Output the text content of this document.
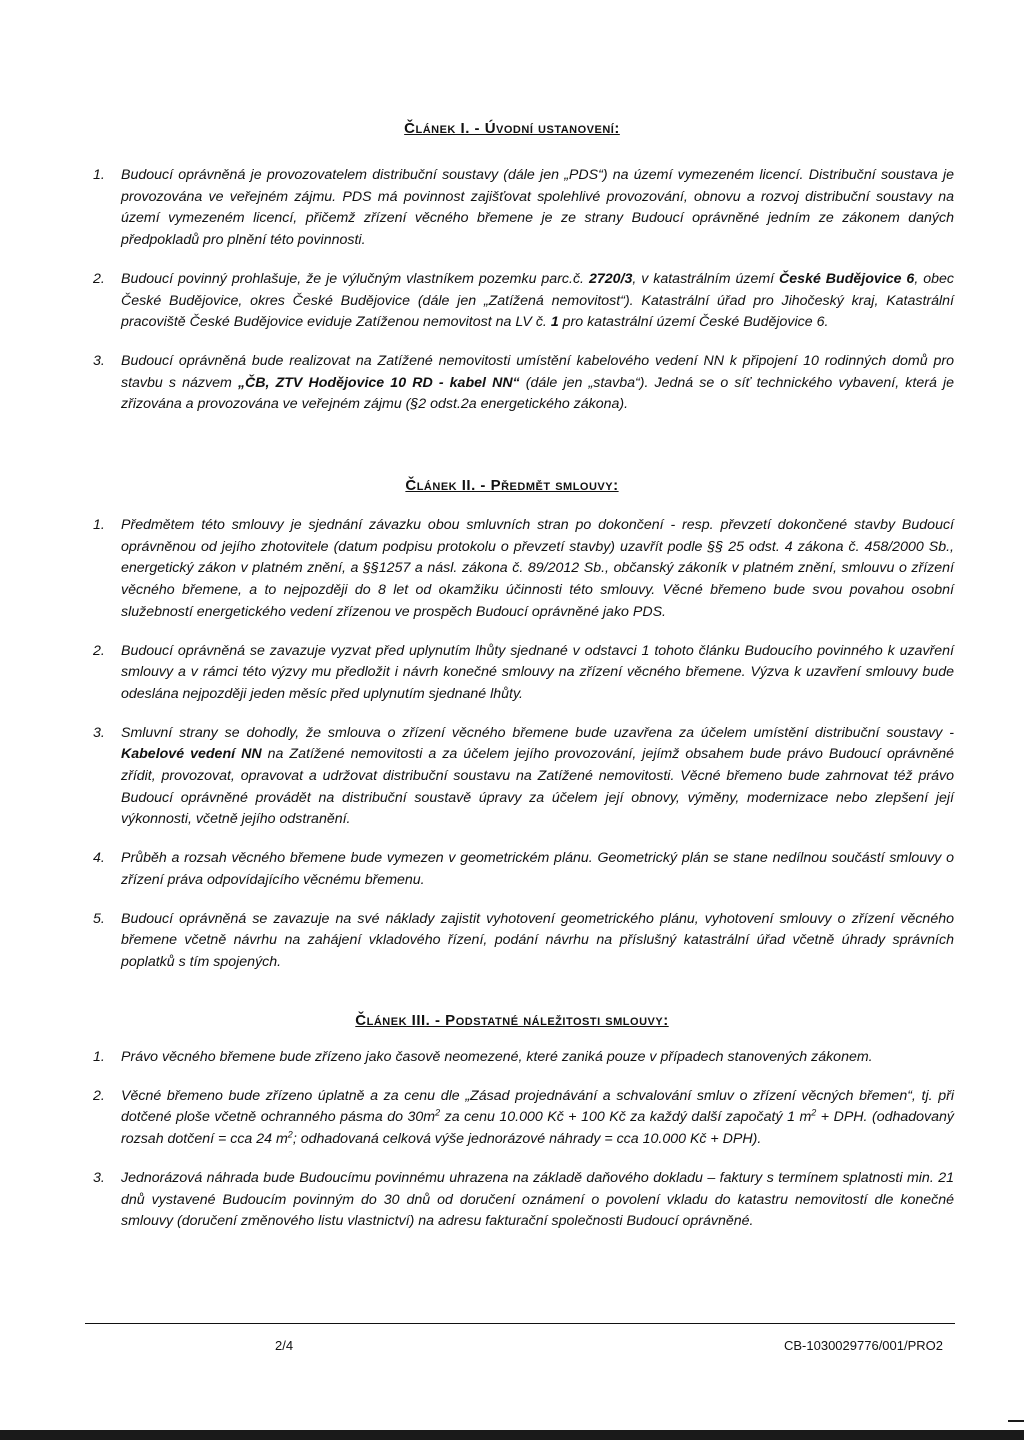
Článek I. - Úvodní ustanovení:
1. Budoucí oprávněná je provozovatelem distribuční soustavy (dále jen „PDS“) na území vymezeném licencí. Distribuční soustava je provozována ve veřejném zájmu. PDS má povinnost zajišťovat spolehlivé provozování, obnovu a rozvoj distribuční soustavy na území vymezeném licencí, přičemž zřízení věcného břemene je ze strany Budoucí oprávněné jedním ze zákonem daných předpokladů pro plnění této povinnosti.

2. Budoucí povinný prohlašuje, že je výlučným vlastníkem pozemku parc.č. 2720/3, v katastrálním území České Budějovice 6, obec České Budějovice, okres České Budějovice (dále jen „Zatížená nemovitost“). Katastrální úřad pro Jihočeský kraj, Katastrální pracoviště České Budějovice eviduje Zatíženou nemovitost na LV č. 1 pro katastrální území České Budějovice 6.

3. Budoucí oprávněná bude realizovat na Zatížené nemovitosti umístění kabelového vedení NN k připojení 10 rodinných domů pro stavbu s názvem „ČB, ZTV Hodějovice 10 RD - kabel NN“ (dále jen „stavba“). Jedná se o síť technického vybavení, která je zřizována a provozována ve veřejném zájmu (§2 odst.2a energetického zákona).

Článek II. - Předmět smlouvy:
1. Předmětem této smlouvy je sjednání závazku obou smluvních stran po dokončení - resp. převzetí dokončené stavby Budoucí oprávněnou od jejího zhotovitele (datum podpisu protokolu o převzetí stavby) uzavřít podle §§ 25 odst. 4 zákona č. 458/2000 Sb., energetický zákon v platném znění, a §§1257 a násl. zákona č. 89/2012 Sb., občanský zákoník v platném znění, smlouvu o zřízení věcného břemene, a to nejpozději do 8 let od okamžiku účinnosti této smlouvy. Věcné břemeno bude svou povahou osobní služebností energetického vedení zřízenou ve prospěch Budoucí oprávněné jako PDS.

2. Budoucí oprávněná se zavazuje vyzvat před uplynutím lhůty sjednané v odstavci 1 tohoto článku Budoucího povinného k uzavření smlouvy a v rámci této výzvy mu předložit i návrh konečné smlouvy na zřízení věcného břemene. Výzva k uzavření smlouvy bude odeslána nejpozději jeden měsíc před uplynutím sjednané lhůty.

3. Smluvní strany se dohodly, že smlouva o zřízení věcného břemene bude uzavřena za účelem umístění distribuční soustavy - Kabelové vedení NN na Zatížené nemovitosti a za účelem jejího provozování, jejímž obsahem bude právo Budoucí oprávněné zřídit, provozovat, opravovat a udržovat distribuční soustavu na Zatížené nemovitosti. Věcné břemeno bude zahrnovat též právo Budoucí oprávněné provádět na distribuční soustavě úpravy za účelem její obnovy, výměny, modernizace nebo zlepšení její výkonnosti, včetně jejího odstranění.

4. Průběh a rozsah věcného břemene bude vymezen v geometrickém plánu. Geometrický plán se stane nedílnou součástí smlouvy o zřízení práva odpovídajícího věcnému břemenu.

5. Budoucí oprávněná se zavazuje na své náklady zajistit vyhotovení geometrického plánu, vyhotovení smlouvy o zřízení věcného břemene včetně návrhu na zahájení vkladového řízení, podání návrhu na příslušný katastrální úřad včetně úhrady správních poplatků s tím spojených.

Článek III. - Podstatné náležitosti smlouvy:
1. Právo věcného břemene bude zřízeno jako časově neomezené, které zaniká pouze v případech stanovených zákonem.

2. Věcné břemeno bude zřízeno úplatně a za cenu dle „Zásad projednávání a schvalování smluv o zřízení věcných břemen“, tj. při dotčené ploše včetně ochranného pásma do $30m^2$ za cenu 10.000 Kč + 100 Kč za každý další započatý 1 $m^2$ + DPH. (odhadovaný rozsah dotčení = cca 24 $m^2$; odhadovaná celková výše jednorázové náhrady = cca 10.000 Kč + DPH).

3. Jednorázová náhrada bude Budoucímu povinnému uhrazena na základě daňového dokladu – faktury s termínem splatnosti min. 21 dnů vystavené Budoucím povinným do 30 dnů od doručení oznámení o povolení vkladu do katastru nemovitostí dle konečné smlouvy (doručení změnového listu vlastnictví) na adresu fakturační společnosti Budoucí oprávněné.

2/4	CB-1030029776/001/PRO2
